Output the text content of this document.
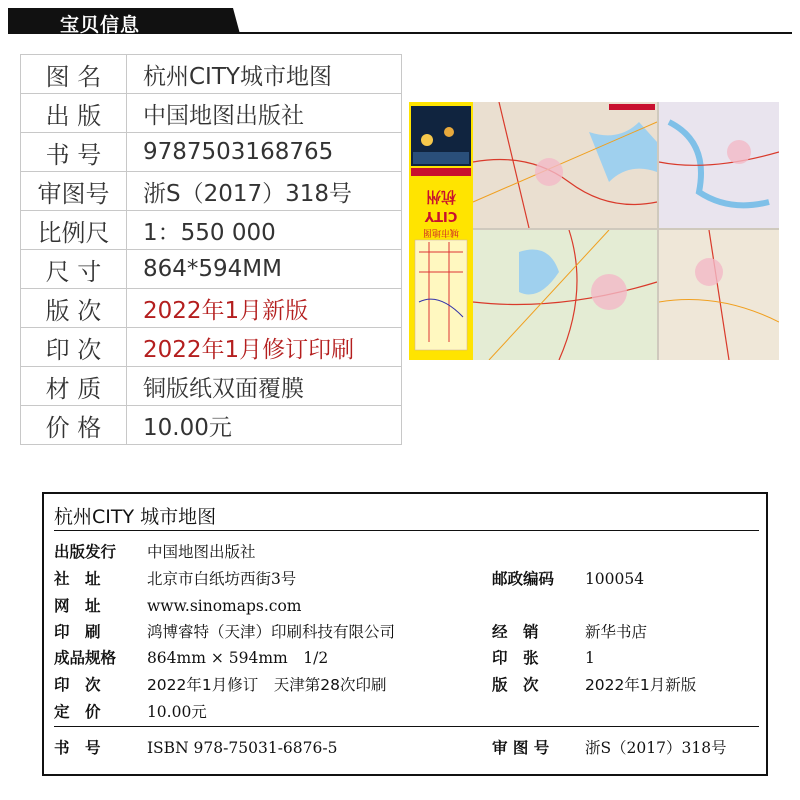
宝贝信息
图 名	杭州CITY城市地图
出 版	中国地图出版社
书 号	9787503168765
审图号	浙S（2017）318号
比例尺	1：550 000
尺 寸	864*594MM
版 次	2022年1月新版
印 次	2022年1月修订印刷
材 质	铜版纸双面覆膜
价 格	10.00元
杭州
CITY
城市地图
杭州CITY 城市地图
出版发行 中国地图出版社
社　址	北京市白纸坊西街3号	邮政编码 100054
网　址	www.sinomaps.com
印　刷	鸿博睿特（天津）印刷科技有限公司	经　销	新华书店
成品规格 864mm × 594mm　1/2	印　张	1
印　次	2022年1月修订　天津第28次印刷	版　次	2022年1月新版
定　价	10.00元
书　号	ISBN 978-75031-6876-5	审 图 号 浙S（2017）318号
